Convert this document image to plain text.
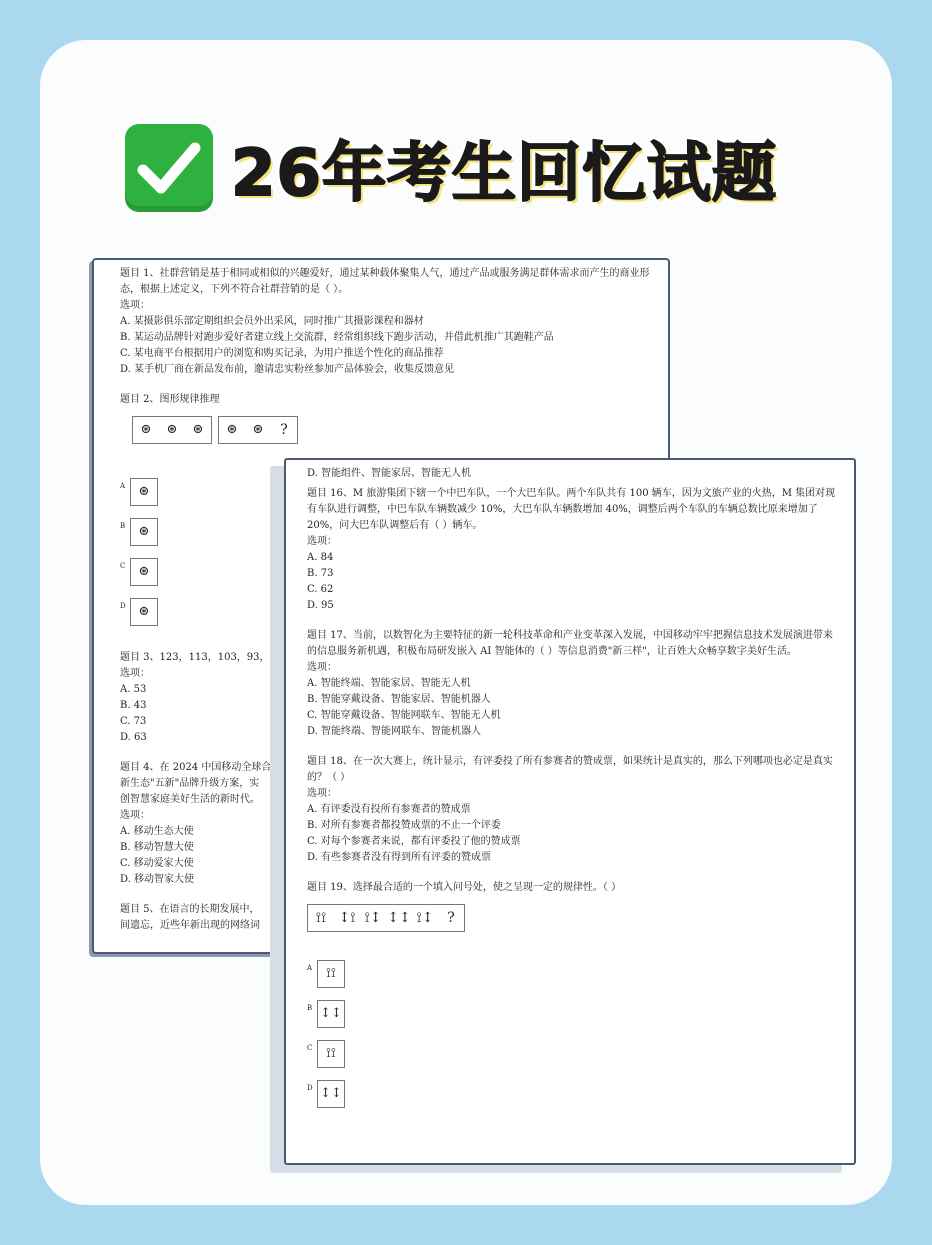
26年考生回忆试题

题目 1、社群营销是基于相同或相似的兴趣爱好，通过某种载体聚集人气，通过产品或服务满足群体需求而产生的商业形态，根据上述定义，下列不符合社群营销的是（ ）。

选项：

A. 某摄影俱乐部定期组织会员外出采风，同时推广其摄影课程和器材

B. 某运动品牌针对跑步爱好者建立线上交流群，经常组织线下跑步活动，并借此机推广其跑鞋产品

C. 某电商平台根据用户的浏览和购买记录，为用户推送个性化的商品推荐

D. 某手机厂商在新品发布前，邀请忠实粉丝参加产品体验会，收集反馈意见

题目 2、图形规律推理

⊛	⊛	⊛	⊛	⊛	?
A	⊛
B	⊛
C	⊛
D ⊛

题目 3、123，113，103，93，8

选项：

A. 53

B. 43

C. 73

D. 63

题目 4、在 2024 中国移动全球合

新生态"五新"品牌升级方案，实

创智慧家庭美好生活的新时代。

选项：

A. 移动生态大使

B. 移动智慧大使

C. 移动爱家大使

D. 移动智家大使

题目 5、在语言的长期发展中，

间遗忘，近些年新出现的网络词

D. 智能组件、智能家居、智能无人机

题目 16、M 旅游集团下辖一个中巴车队，一个大巴车队。两个车队共有 100 辆车，因为文旅产业的火热，M 集团对现有车队进行调整，中巴车队车辆数减少 10%，大巴车队车辆数增加 40%，调整后两个车队的车辆总数比原来增加了 20%，问大巴车队调整后有（ ）辆车。

选项：

A. 84

B. 73

C. 62

D. 95

题目 17、当前，以数智化为主要特征的新一轮科技革命和产业变革深入发展，中国移动牢牢把握信息技术发展演进带来的信息服务新机遇，积极布局研发嵌入 AI 智能体的（ ）等信息消费"新三样"，让百姓大众畅享数字美好生活。

选项：

A. 智能终端、智能家居、智能无人机

B. 智能穿戴设备、智能家居、智能机器人

C. 智能穿戴设备、智能网联车、智能无人机

D. 智能终端、智能网联车、智能机器人

题目 18、在一次大赛上，统计显示，有评委投了所有参赛者的赞成票，如果统计是真实的，那么下列哪项也必定是真实的？（ ）

选项：

A. 有评委没有投所有参赛者的赞成票

B. 对所有参赛者都投赞成票的不止一个评委

C. 对每个参赛者来说，都有评委投了他的赞成票

D. 有些参赛者没有得到所有评委的赞成票

题目 19、选择最合适的一个填入问号处，使之呈现一定的规律性。（ ）

⟟⟟ ↕⟟ ⟟↕ ↕↕ ⟟↕ ?
A	⟟⟟
B ↕↕
C	⟟⟟
D ↕↕
